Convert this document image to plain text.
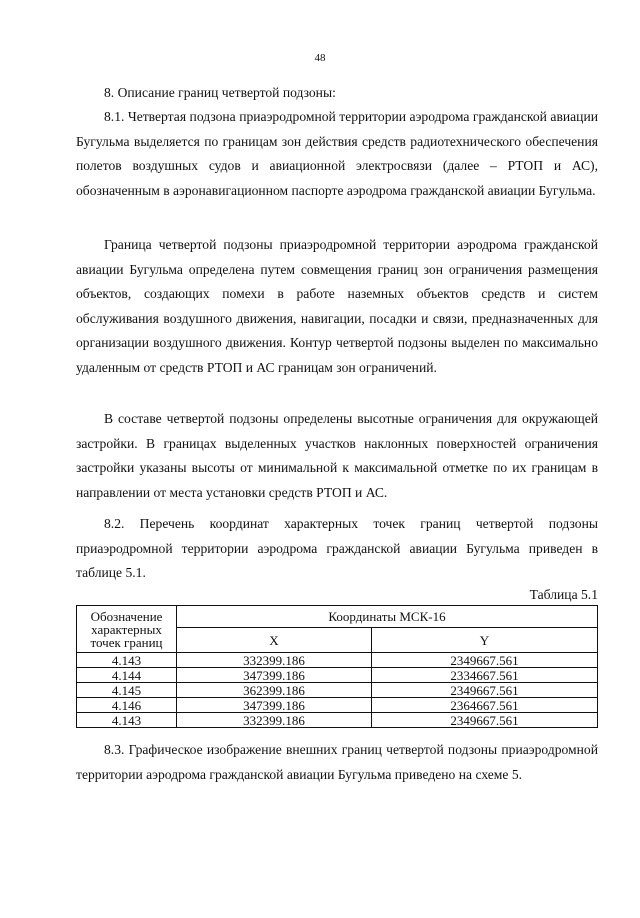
48

8. Описание границ четвертой подзоны:

8.1. Четвертая подзона приаэродромной территории аэродрома гражданской авиации Бугульма выделяется по границам зон действия средств радиотехнического обеспечения полетов воздушных судов и авиационной электросвязи (далее – РТОП и АС), обозначенным в аэронавигационном паспорте аэродрома гражданской авиации Бугульма.

Граница четвертой подзоны приаэродромной территории аэродрома гражданской авиации Бугульма определена путем совмещения границ зон ограничения размещения объектов, создающих помехи в работе наземных объектов средств и систем обслуживания воздушного движения, навигации, посадки и связи, предназначенных для организации воздушного движения. Контур четвертой подзоны выделен по максимально удаленным от средств РТОП и АС границам зон ограничений.

В составе четвертой подзоны определены высотные ограничения для окружающей застройки. В границах выделенных участков наклонных поверхностей ограничения застройки указаны высоты от минимальной к максимальной отметке по их границам в направлении от места установки средств РТОП и АС.

8.2. Перечень координат характерных точек границ четвертой подзоны приаэродромной территории аэродрома гражданской авиации Бугульма приведен в таблице 5.1.

Таблица 5.1
Обозначение характерных точек границ	Координаты МСК-16	
	X	Y
4.143	332399.186	2349667.561
4.144	347399.186	2334667.561
4.145	362399.186	2349667.561
4.146	347399.186	2364667.561
4.143	332399.186	2349667.561

8.3. Графическое изображение внешних границ четвертой подзоны приаэродромной территории аэродрома гражданской авиации Бугульма приведено на схеме 5.
